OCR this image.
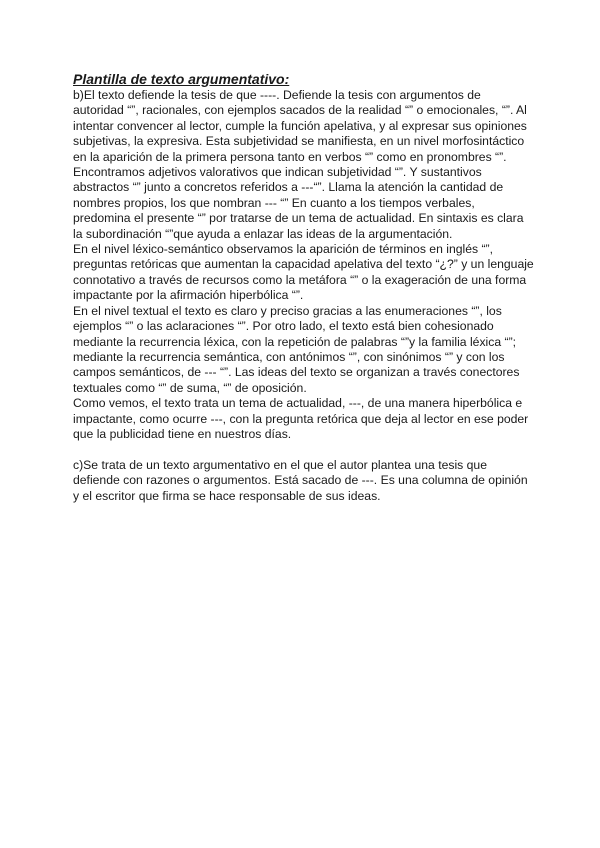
Plantilla de texto argumentativo:

b)El texto defiende la tesis de que ----. Defiende la tesis con argumentos de autoridad “”, racionales, con ejemplos sacados de la realidad “” o emocionales, “”. Al intentar convencer al lector, cumple la función apelativa, y al expresar sus opiniones subjetivas, la expresiva. Esta subjetividad se manifiesta, en un nivel morfosintáctico en la aparición de la primera persona tanto en verbos “” como en pronombres “”. Encontramos adjetivos valorativos que indican subjetividad “”. Y sustantivos abstractos “” junto a concretos referidos a ---“”. Llama la atención la cantidad de nombres propios, los que nombran --- “” En cuanto a los tiempos verbales, predomina el presente “” por tratarse de un tema de actualidad. En sintaxis es clara la subordinación “”que ayuda a enlazar las ideas de la argumentación.

En el nivel léxico-semántico observamos la aparición de términos en inglés “”, preguntas retóricas que aumentan la capacidad apelativa del texto “¿?” y un lenguaje connotativo a través de recursos como la metáfora “” o la exageración de una forma impactante por la afirmación hiperbólica “”.

En el nivel textual el texto es claro y preciso gracias a las enumeraciones “”, los ejemplos “” o las aclaraciones “”. Por otro lado, el texto está bien cohesionado mediante la recurrencia léxica, con la repetición de palabras “”y la familia léxica “”; mediante la recurrencia semántica, con antónimos “”, con sinónimos “” y con los campos semánticos, de --- “”. Las ideas del texto se organizan a través conectores textuales como “” de suma, “” de oposición.

Como vemos, el texto trata un tema de actualidad, ---, de una manera hiperbólica e impactante, como ocurre ---, con la pregunta retórica que deja al lector en ese poder que la publicidad tiene en nuestros días.

c)Se trata de un texto argumentativo en el que el autor plantea una tesis que defiende con razones o argumentos. Está sacado de ---. Es una columna de opinión y el escritor que firma se hace responsable de sus ideas.
